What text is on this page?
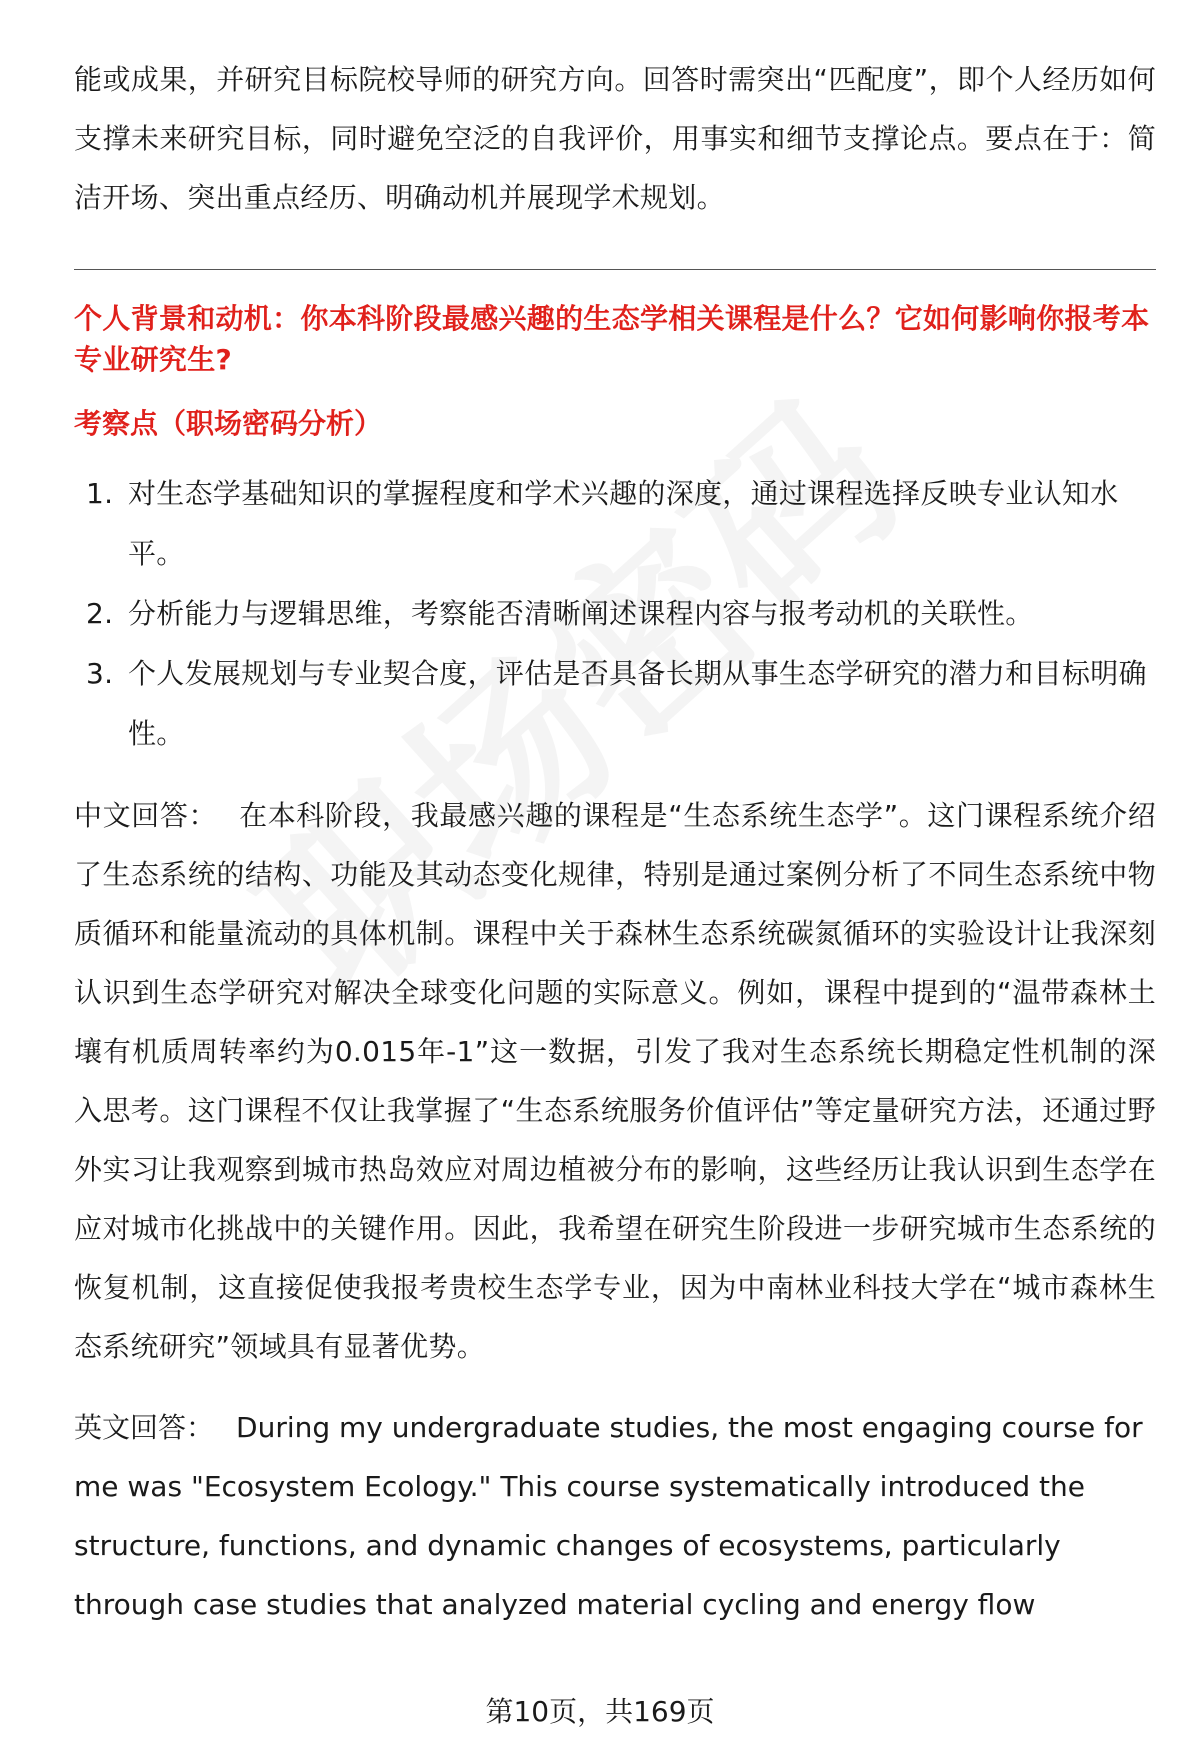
能或成果，并研究目标院校导师的研究方向。回答时需突出“匹配度”，即个人经历如何支撑未来研究目标，同时避免空泛的自我评价，用事实和细节支撑论点。要点在于：简洁开场、突出重点经历、明确动机并展现学术规划。

个人背景和动机：你本科阶段最感兴趣的生态学相关课程是什么？它如何影响你报考本专业研究生?

考察点（职场密码分析）

1. 对生态学基础知识的掌握程度和学术兴趣的深度，通过课程选择反映专业认知水平。
2. 分析能力与逻辑思维，考察能否清晰阐述课程内容与报考动机的关联性。
3. 个人发展规划与专业契合度，评估是否具备长期从事生态学研究的潜力和目标明确性。

中文回答： 在本科阶段，我最感兴趣的课程是“生态系统生态学”。这门课程系统介绍了生态系统的结构、功能及其动态变化规律，特别是通过案例分析了不同生态系统中物质循环和能量流动的具体机制。课程中关于森林生态系统碳氮循环的实验设计让我深刻认识到生态学研究对解决全球变化问题的实际意义。例如，课程中提到的“温带森林土壤有机质周转率约为0.015年-1”这一数据，引发了我对生态系统长期稳定性机制的深入思考。这门课程不仅让我掌握了“生态系统服务价值评估”等定量研究方法，还通过野外实习让我观察到城市热岛效应对周边植被分布的影响，这些经历让我认识到生态学在应对城市化挑战中的关键作用。因此，我希望在研究生阶段进一步研究城市生态系统的恢复机制，这直接促使我报考贵校生态学专业，因为中南林业科技大学在“城市森林生态系统研究”领域具有显著优势。

英文回答： During my undergraduate studies, the most engaging course for me was "Ecosystem Ecology." This course systematically introduced the structure, functions, and dynamic changes of ecosystems, particularly through case studies that analyzed material cycling and energy flow

第10页，共169页
